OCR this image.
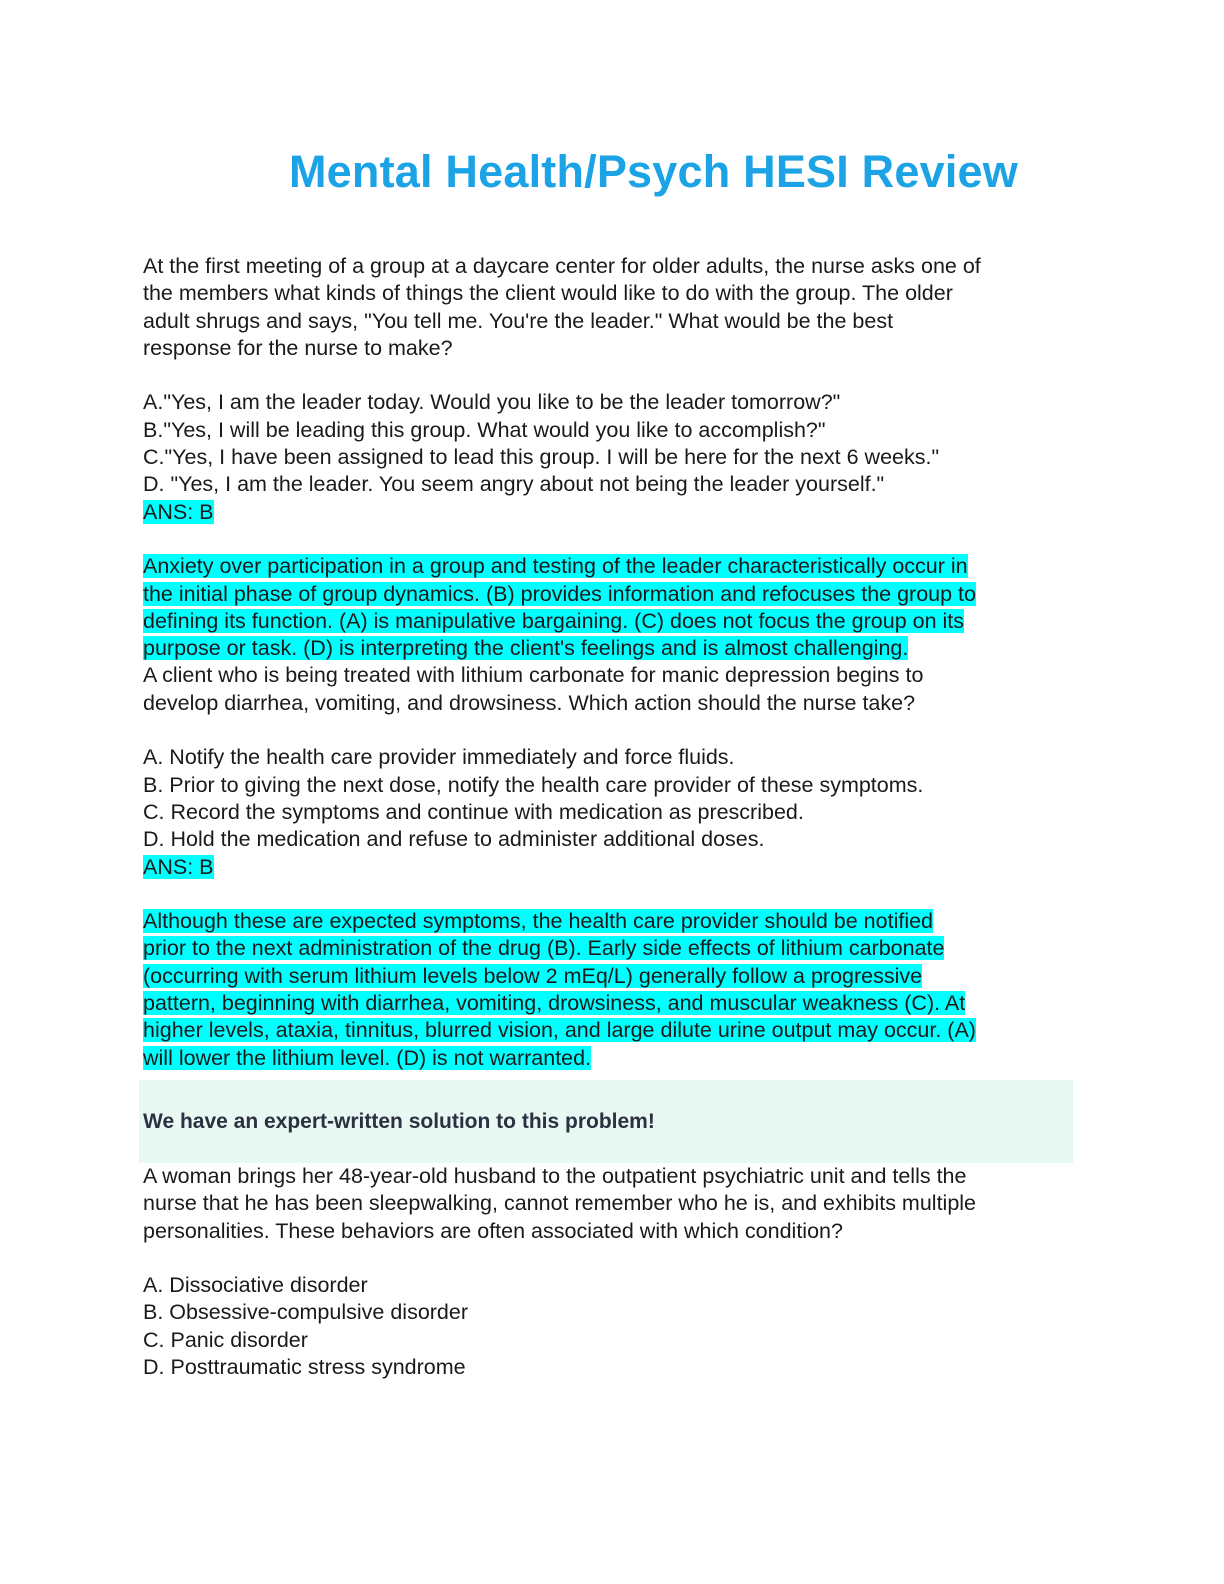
Mental Health/Psych HESI Review
At the first meeting of a group at a daycare center for older adults, the nurse asks one of
the members what kinds of things the client would like to do with the group. The older
adult shrugs and says, "You tell me. You're the leader." What would be the best
response for the nurse to make?
A."Yes, I am the leader today. Would you like to be the leader tomorrow?"
B."Yes, I will be leading this group. What would you like to accomplish?"
C."Yes, I have been assigned to lead this group. I will be here for the next 6 weeks."
D. "Yes, I am the leader. You seem angry about not being the leader yourself."
ANS: B
Anxiety over participation in a group and testing of the leader characteristically occur in
the initial phase of group dynamics. (B) provides information and refocuses the group to
defining its function. (A) is manipulative bargaining. (C) does not focus the group on its
purpose or task. (D) is interpreting the client's feelings and is almost challenging.
A client who is being treated with lithium carbonate for manic depression begins to
develop diarrhea, vomiting, and drowsiness. Which action should the nurse take?
A. Notify the health care provider immediately and force fluids.
B. Prior to giving the next dose, notify the health care provider of these symptoms.
C. Record the symptoms and continue with medication as prescribed.
D. Hold the medication and refuse to administer additional doses.
ANS: B
Although these are expected symptoms, the health care provider should be notified
prior to the next administration of the drug (B). Early side effects of lithium carbonate
(occurring with serum lithium levels below 2 mEq/L) generally follow a progressive
pattern, beginning with diarrhea, vomiting, drowsiness, and muscular weakness (C). At
higher levels, ataxia, tinnitus, blurred vision, and large dilute urine output may occur. (A)
will lower the lithium level. (D) is not warranted.
We have an expert-written solution to this problem!
A woman brings her 48-year-old husband to the outpatient psychiatric unit and tells the
nurse that he has been sleepwalking, cannot remember who he is, and exhibits multiple
personalities. These behaviors are often associated with which condition?
A. Dissociative disorder
B. Obsessive-compulsive disorder
C. Panic disorder
D. Posttraumatic stress syndrome
